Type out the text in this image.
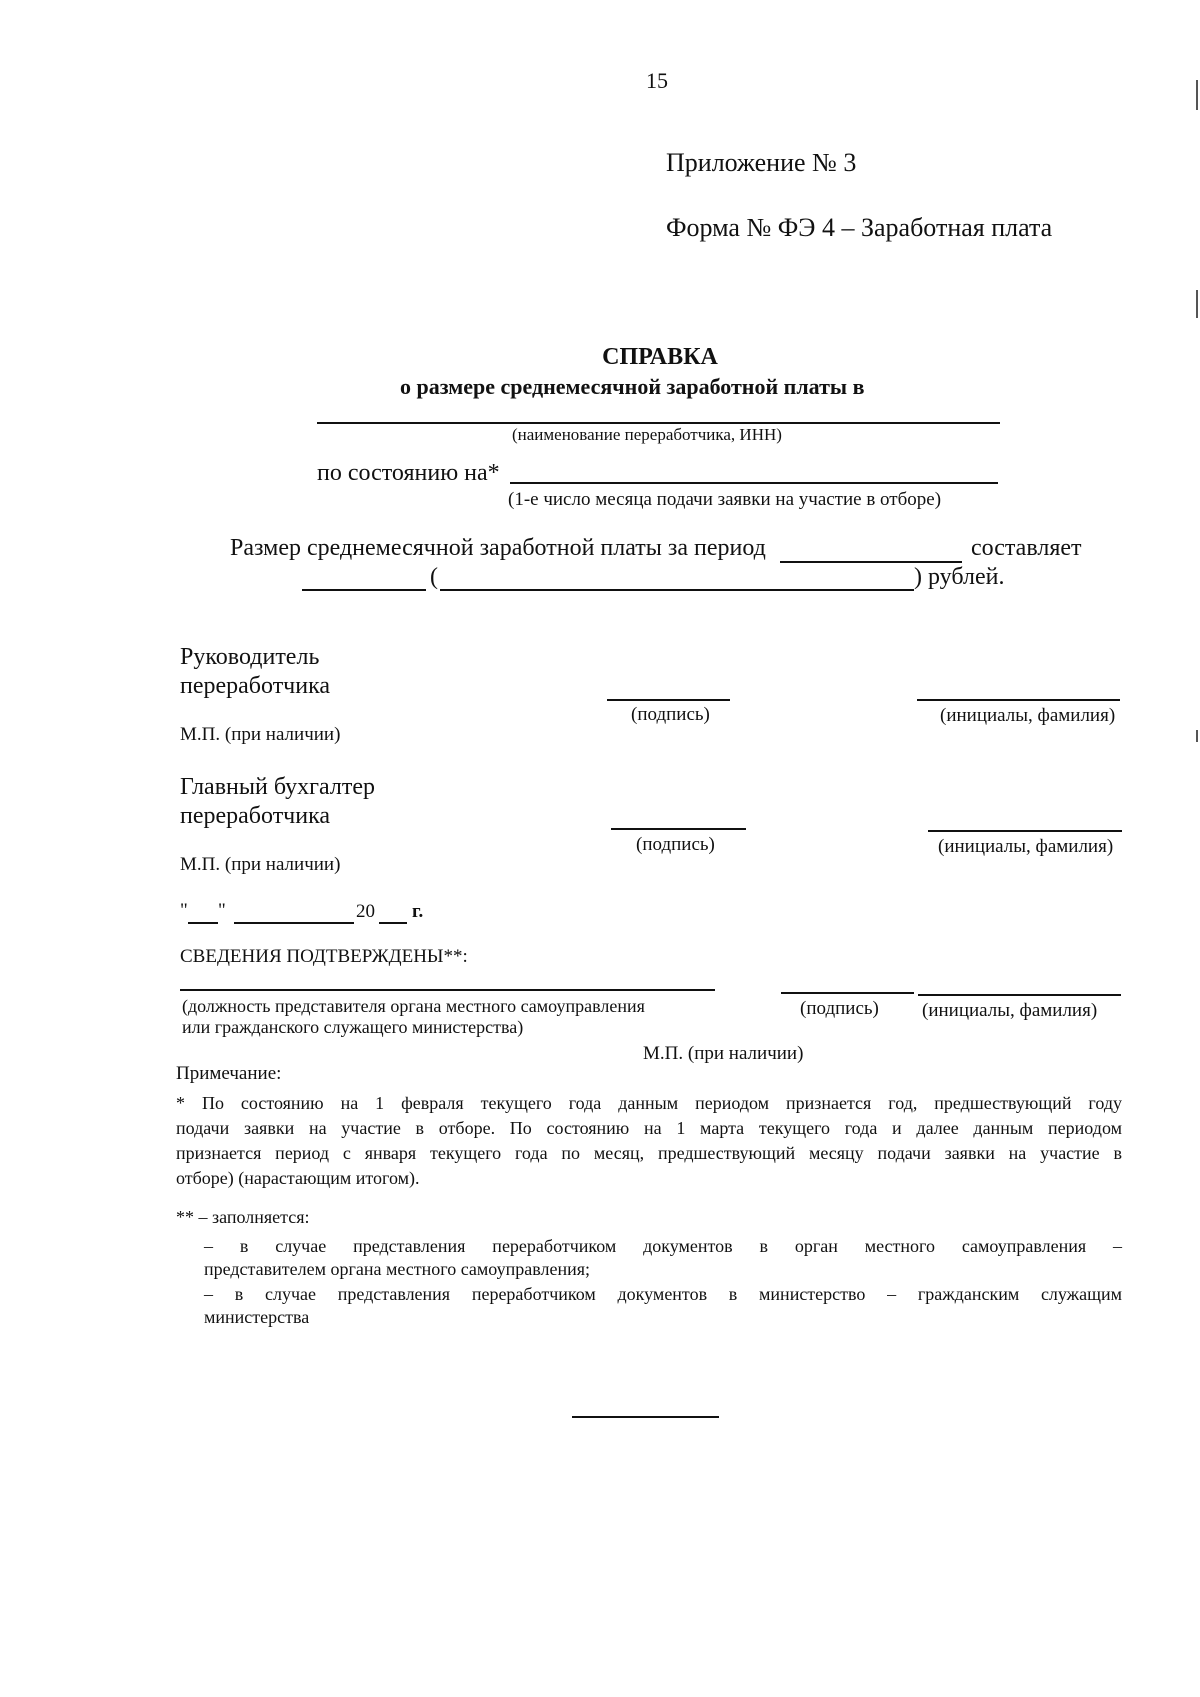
15
Приложение № 3
Форма № ФЭ 4 – Заработная плата
СПРАВКА
о размере среднемесячной заработной платы в
(наименование переработчика, ИНН)
по состоянию на*
(1-е число месяца подачи заявки на участие в отборе)
Размер среднемесячной заработной платы за период	составляет
(	) рублей.
Руководитель
переработчика
(подпись)	(инициалы, фамилия)
М.П. (при наличии)
Главный бухгалтер
переработчика
(подпись)	(инициалы, фамилия)
М.П. (при наличии)
" "	20 г.
СВЕДЕНИЯ ПОДТВЕРЖДЕНЫ**:
(должность представителя органа местного самоуправления
или гражданского служащего министерства)
(подпись) (инициалы, фамилия)
М.П. (при наличии)
Примечание:
* По состоянию на 1 февраля текущего года данным периодом признается год, предшествующий году
подачи заявки на участие в отборе. По состоянию на 1 марта текущего года и далее данным периодом
признается период с января текущего года по месяц, предшествующий месяцу подачи заявки на участие в
отборе) (нарастающим итогом).
** – заполняется:
– в случае представления переработчиком документов в орган местного самоуправления –
представителем органа местного самоуправления;
– в случае представления переработчиком документов в министерство – гражданским служащим
министерства
